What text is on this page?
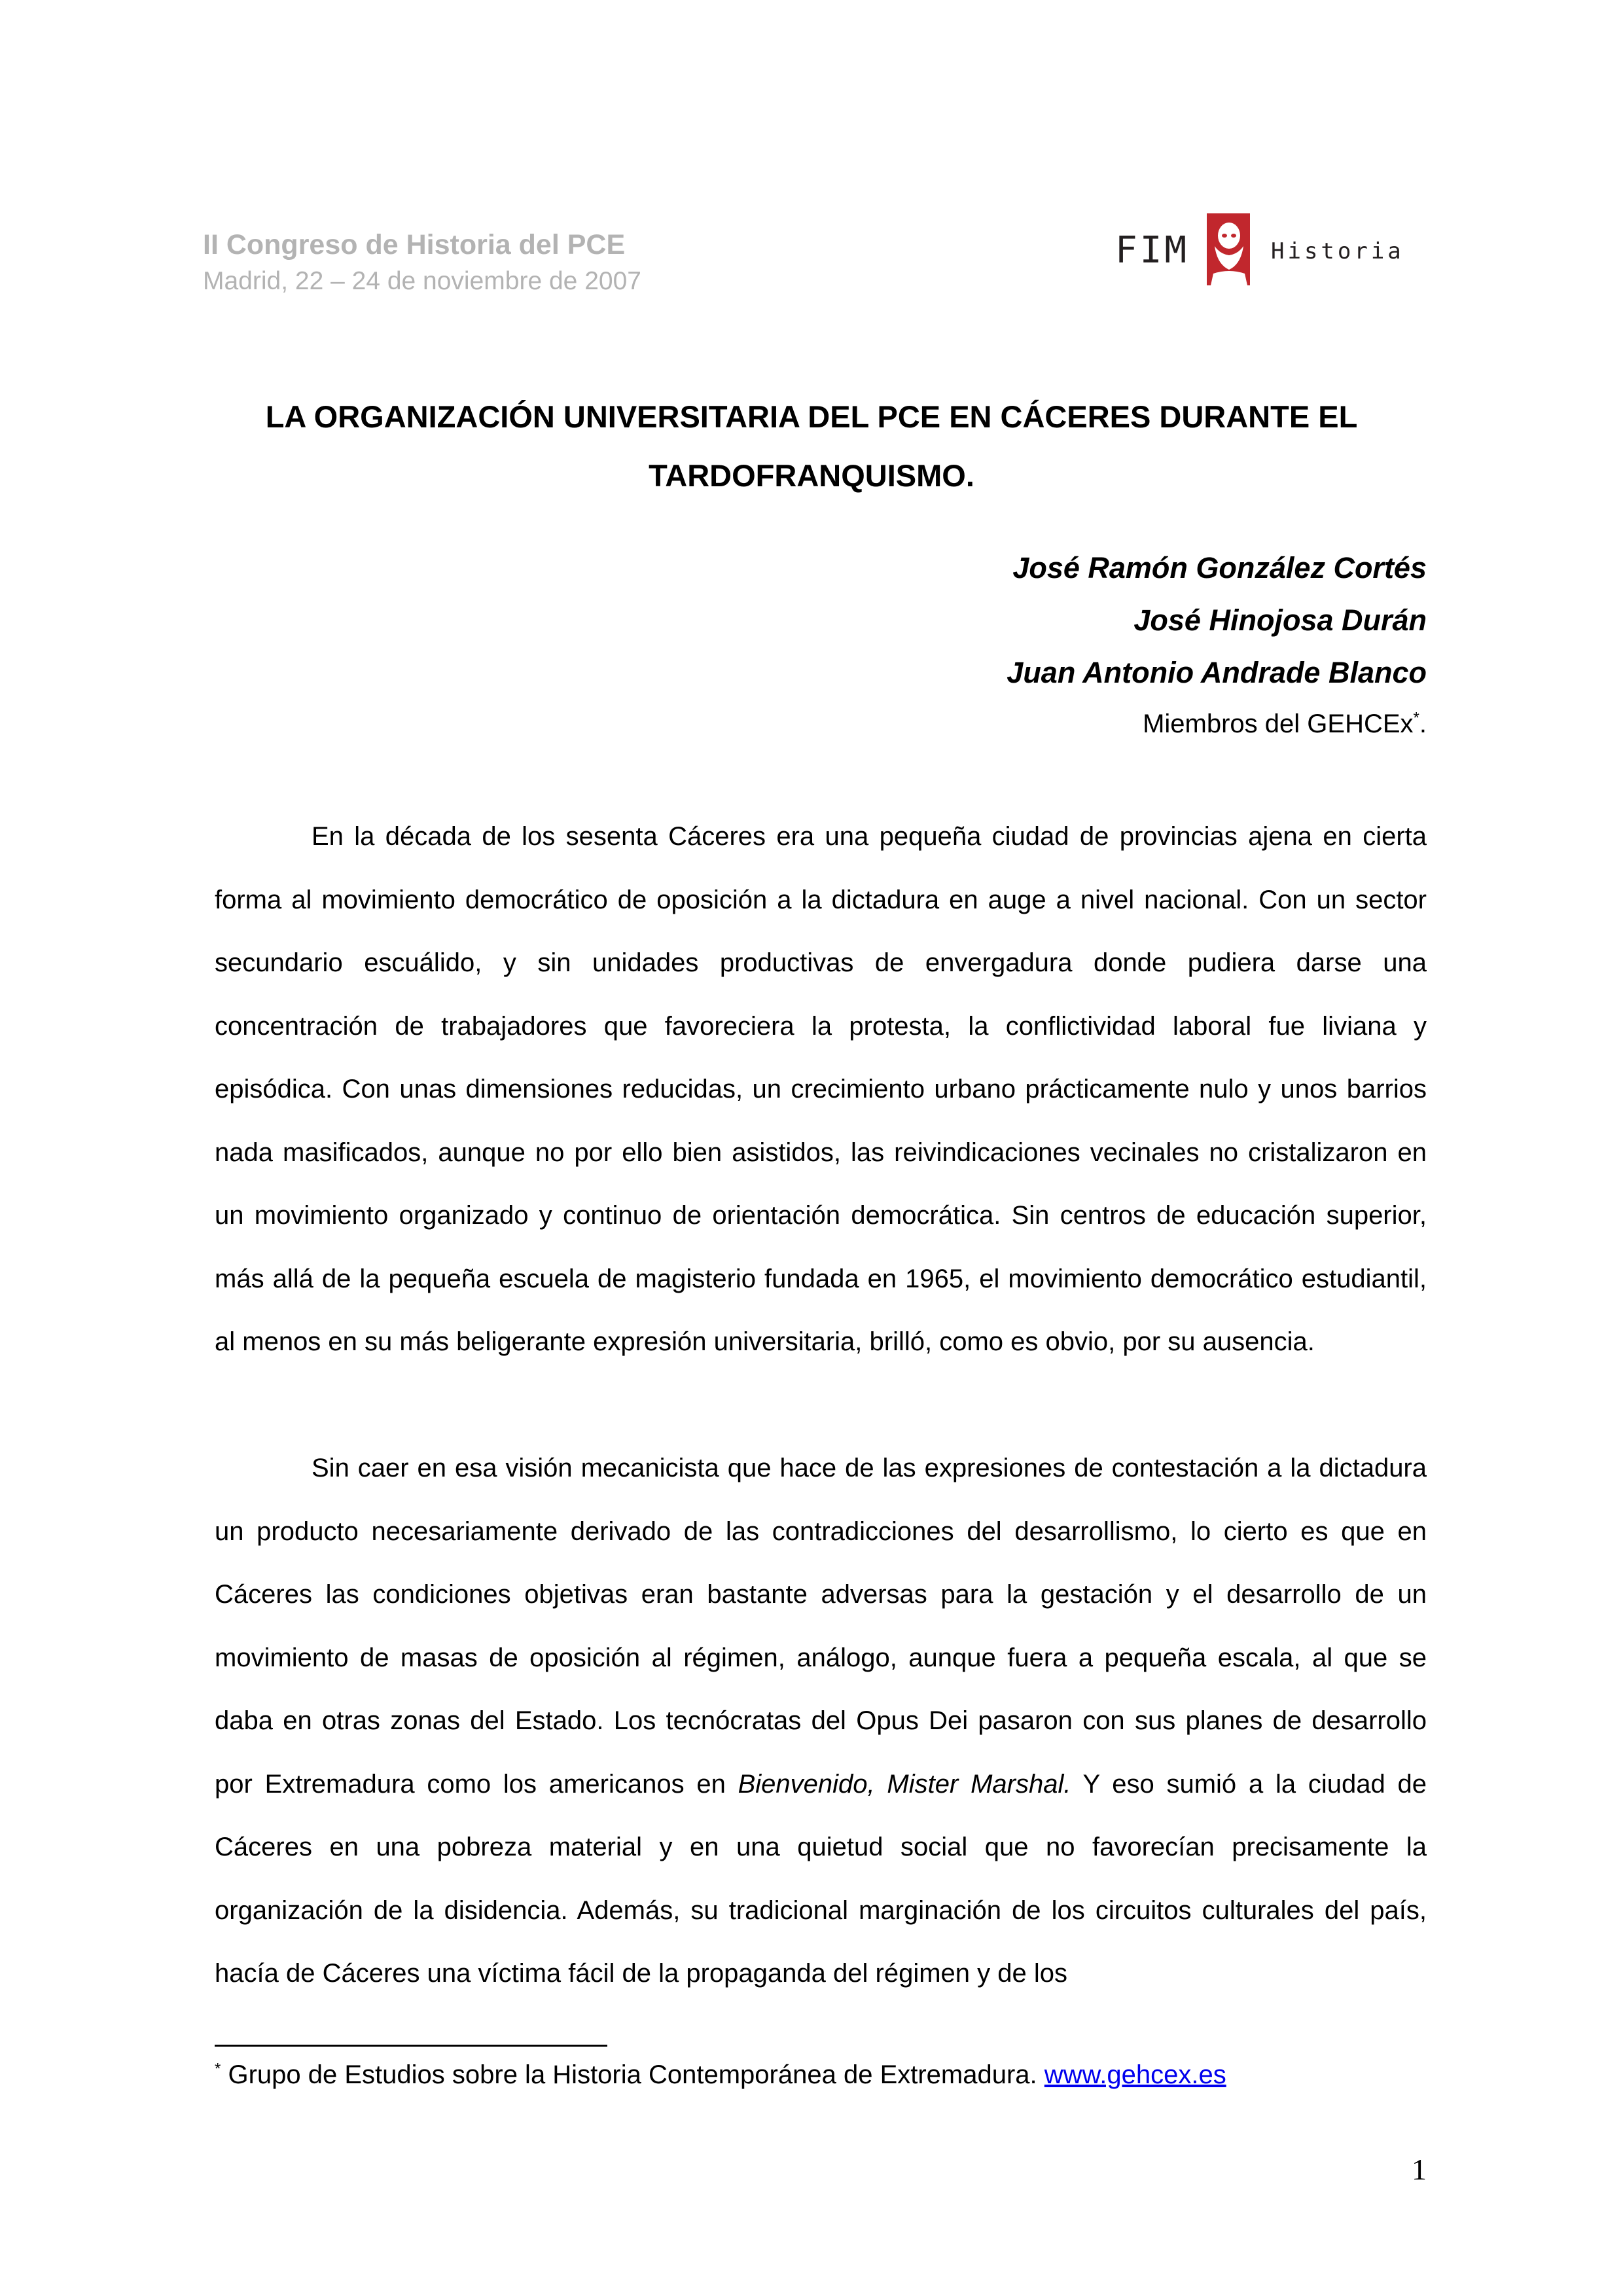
II Congreso de Historia del PCE
Madrid, 22 – 24 de noviembre de 2007
FIM	Historia
LA ORGANIZACIÓN UNIVERSITARIA DEL PCE EN CÁCERES DURANTE EL
TARDOFRANQUISMO.
José Ramón González Cortés
José Hinojosa Durán
Juan Antonio Andrade Blanco
Miembros del GEHCEx*.

En la década de los sesenta Cáceres era una pequeña ciudad de provincias ajena en cierta forma al movimiento democrático de oposición a la dictadura en auge a nivel nacional. Con un sector secundario escuálido, y sin unidades productivas de envergadura donde pudiera darse una concentración de trabajadores que favoreciera la protesta, la conflictividad laboral fue liviana y episódica. Con unas dimensiones reducidas, un crecimiento urbano prácticamente nulo y unos barrios nada masificados, aunque no por ello bien asistidos, las reivindicaciones vecinales no cristalizaron en un movimiento organizado y continuo de orientación democrática. Sin centros de educación superior, más allá de la pequeña escuela de magisterio fundada en 1965, el movimiento democrático estudiantil, al menos en su más beligerante expresión universitaria, brilló, como es obvio, por su ausencia.

Sin caer en esa visión mecanicista que hace de las expresiones de contestación a la dictadura un producto necesariamente derivado de las contradicciones del desarrollismo, lo cierto es que en Cáceres las condiciones objetivas eran bastante adversas para la gestación y el desarrollo de un movimiento de masas de oposición al régimen, análogo, aunque fuera a pequeña escala, al que se daba en otras zonas del Estado. Los tecnócratas del Opus Dei pasaron con sus planes de desarrollo por Extremadura como los americanos en Bienvenido, Mister Marshal. Y eso sumió a la ciudad de Cáceres en una pobreza material y en una quietud social que no favorecían precisamente la organización de la disidencia. Además, su tradicional marginación de los circuitos culturales del país, hacía de Cáceres una víctima fácil de la propaganda del régimen y de los

* Grupo de Estudios sobre la Historia Contemporánea de Extremadura. www.gehcex.es
1
